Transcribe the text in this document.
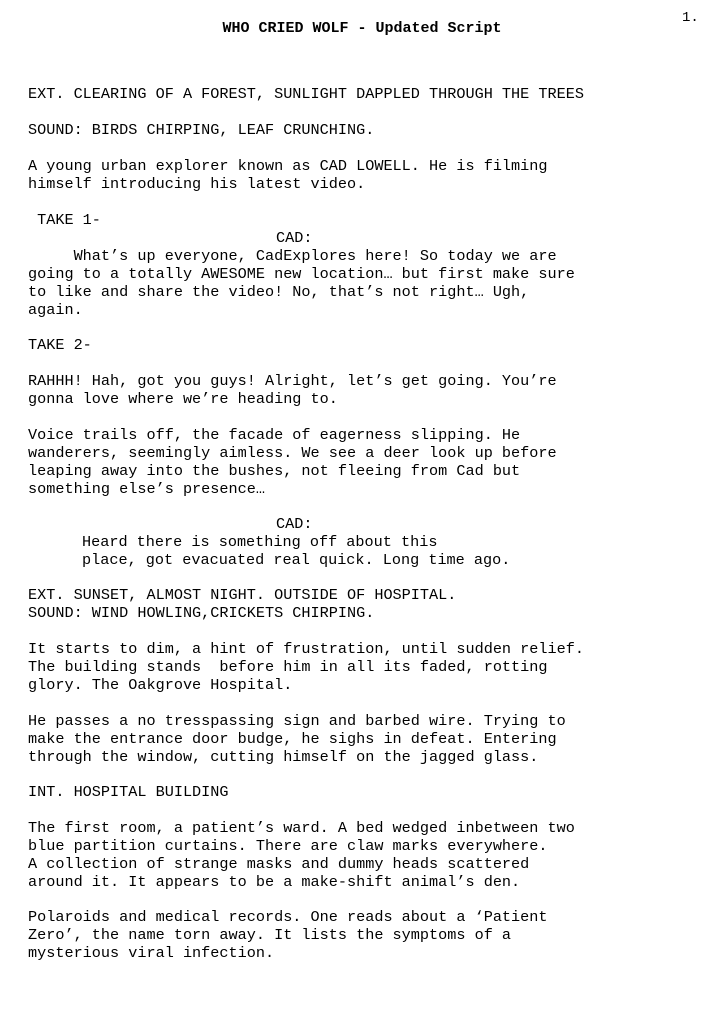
1.
WHO CRIED WOLF - Updated Script

EXT. CLEARING OF A FOREST, SUNLIGHT DAPPLED THROUGH THE TREES

SOUND: BIRDS CHIRPING, LEAF CRUNCHING.

A young urban explorer known as CAD LOWELL. He is filming
himself introducing his latest video.

TAKE 1-

CAD:

What’s up everyone, CadExplores here! So today we are
going to a totally AWESOME new location… but first make sure
to like and share the video! No, that’s not right… Ugh,
again.

TAKE 2-

RAHHH! Hah, got you guys! Alright, let’s get going. You’re
gonna love where we’re heading to.

Voice trails off, the facade of eagerness slipping. He
wanderers, seemingly aimless. We see a deer look up before
leaping away into the bushes, not fleeing from Cad but
something else’s presence…

CAD:

Heard there is something off about this
place, got evacuated real quick. Long time ago.

EXT. SUNSET, ALMOST NIGHT. OUTSIDE OF HOSPITAL.
SOUND: WIND HOWLING,CRICKETS CHIRPING.

It starts to dim, a hint of frustration, until sudden relief.
The building stands  before him in all its faded, rotting
glory. The Oakgrove Hospital.

He passes a no tresspassing sign and barbed wire. Trying to
make the entrance door budge, he sighs in defeat. Entering
through the window, cutting himself on the jagged glass.

INT. HOSPITAL BUILDING

The first room, a patient’s ward. A bed wedged inbetween two
blue partition curtains. There are claw marks everywhere.
A collection of strange masks and dummy heads scattered
around it. It appears to be a make-shift animal’s den.

Polaroids and medical records. One reads about a ‘Patient
Zero’, the name torn away. It lists the symptoms of a
mysterious viral infection.
